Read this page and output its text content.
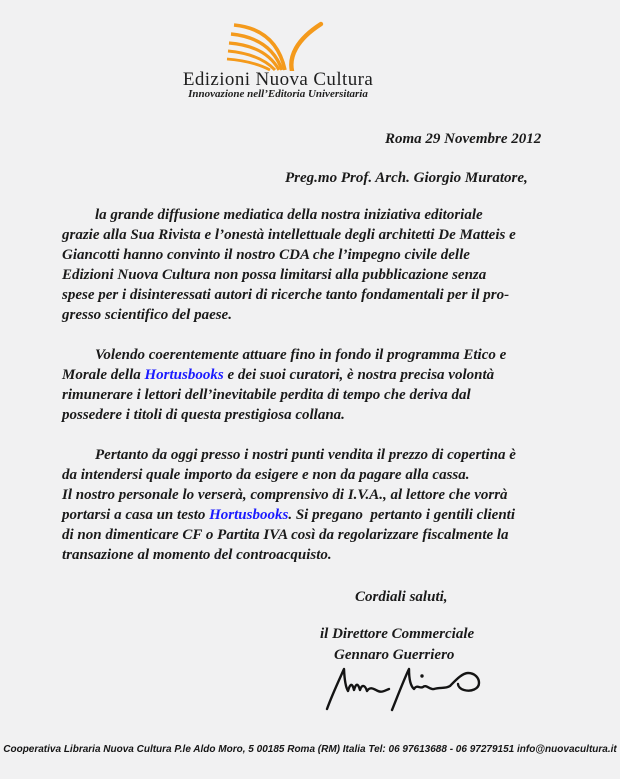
Edizioni Nuova Cultura
Innovazione nell’Editoria Universitaria
Roma 29 Novembre 2012
Preg.mo Prof. Arch. Giorgio Muratore,
la grande diffusione mediatica della nostra iniziativa editoriale
grazie alla Sua Rivista e l’onestà intellettuale degli architetti De Matteis e
Giancotti hanno convinto il nostro CDA che l’impegno civile delle
Edizioni Nuova Cultura non possa limitarsi alla pubblicazione senza
spese per i disinteressati autori di ricerche tanto fondamentali per il pro-
gresso scientifico del paese.
Volendo coerentemente attuare fino in fondo il programma Etico e
Morale della Hortusbooks e dei suoi curatori, è nostra precisa volontà
rimunerare i lettori dell’inevitabile perdita di tempo che deriva dal
possedere i titoli di questa prestigiosa collana.
Pertanto da oggi presso i nostri punti vendita il prezzo di copertina è
da intendersi quale importo da esigere e non da pagare alla cassa.
Il nostro personale lo verserà, comprensivo di I.V.A., al lettore che vorrà
portarsi a casa un testo Hortusbooks. Si pregano  pertanto i gentili clienti
di non dimenticare CF o Partita IVA così da regolarizzare fiscalmente la
transazione al momento del controacquisto.
Cordiali saluti,
il Direttore Commerciale
Gennaro Guerriero
Cooperativa Libraria Nuova Cultura P.le Aldo Moro, 5 00185 Roma (RM) Italia Tel: 06 97613688 - 06 97279151 info@nuovacultura.it
